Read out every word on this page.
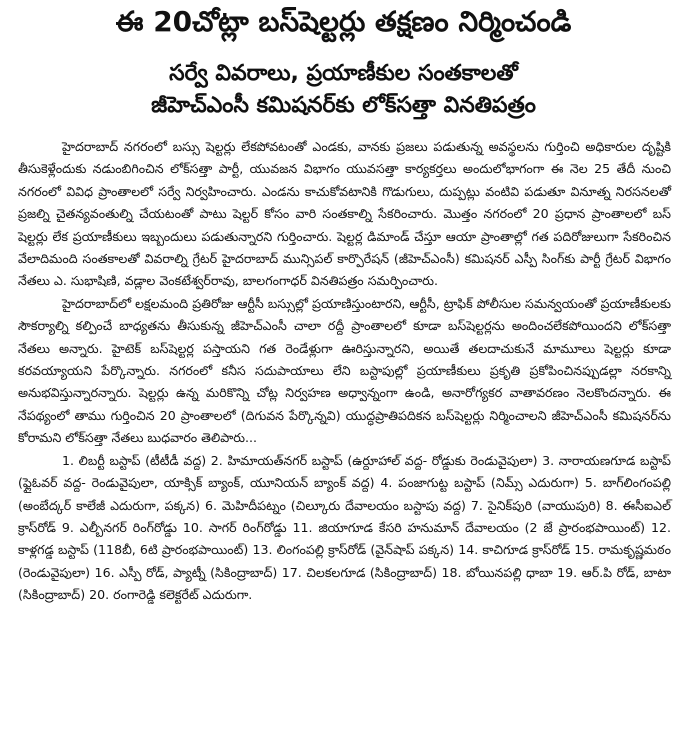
ఈ 20చోట్లా బస్‌షెల్టర్లు తక్షణం నిర్మించండి
సర్వే వివరాలు, ప్రయాణీకుల సంతకాలతో
జీహెచ్‌ఎంసీ కమిషనర్‌కు లోక్‌సత్తా వినతిపత్రం

హైదరాబాద్ నగరంలో బస్సు షెల్టర్లు లేకపోవటంతో ఎండకు, వానకు ప్రజలు పడుతున్న అవస్థలను గుర్తించి అధికారుల దృష్టికి తీసుకెళ్లేందుకు నడుంబిగించిన లోక్‌సత్తా పార్టీ, యువజన విభాగం యువసత్తా కార్యకర్తలు అందులోభాగంగా ఈ నెల 25 తేదీ నుంచి నగరంలో వివిధ ప్రాంతాలలో సర్వే నిర్వహించారు. ఎండను కాచుకోవటానికి గొడుగులు, దుప్పట్లు వంటివి పడుతూ వినూత్న నిరసనలతో ప్రజల్ని చైతన్యవంతుల్ని చేయటంతో పాటు షెల్టర్ కోసం వారి సంతకాల్ని సేకరించారు. మొత్తం నగరంలో 20 ప్రధాన ప్రాంతాలలో బస్ షెల్టర్లు లేక ప్రయాణీకులు ఇబ్బందులు పడుతున్నారని గుర్తించారు. షెల్టర్ల డిమాండ్ చేస్తూ ఆయా ప్రాంతాల్లో గత పదిరోజులుగా సేకరించిన వేలాదిమంది సంతకాలతో వివరాల్ని గ్రేటర్ హైదరాబాద్ మున్సిపల్ కార్పొరేషన్ (జీహెచ్‌ఎంసీ) కమిషనర్ ఎస్పీ సింగ్‌కు పార్టీ గ్రేటర్ విభాగం నేతలు ఎ. సుభాషిణి, వడ్లాల వెంకటేశ్వర్‌రావు, బాలగంగాధర్ వినతిపత్రం సమర్పించారు.

హైదరాబాద్‌లో లక్షలమంది ప్రతిరోజు ఆర్టీసీ బస్సుల్లో ప్రయాణిస్తుంటారని, ఆర్టీసీ, ట్రాఫిక్ పోలీసుల సమన్వయంతో ప్రయాణీకులకు సౌకర్యాల్ని కల్పించే బాధ్యతను తీసుకున్న జీహెచ్‌ఎంసీ చాలా రద్దీ ప్రాంతాలలో కూడా బస్‌షెల్టర్లను అందించలేకపోయిందని లోక్‌సత్తా నేతలు అన్నారు. హైటెక్ బస్‌షెల్టర్ల పస్తాయని గత రెండేళ్లుగా ఊరిస్తున్నారని, అయితే తలదాచుకునే మామూలు షెల్టర్లు కూడా కరవయ్యాయని పేర్కొన్నారు. నగరంలో కనీస సదుపాయాలు లేని బస్టాపుల్లో ప్రయాణీకులు ప్రకృతి ప్రకోపించినప్పుడల్లా నరకాన్ని అనుభవిస్తున్నారన్నారు. షెల్టర్లు ఉన్న మరికొన్ని చోట్ల నిర్వహణ అధ్వాన్నంగా ఉండి, అనారోగ్యకర వాతావరణం నెలకొందన్నారు. ఈ నేపథ్యంలో తాము గుర్తించిన 20 ప్రాంతాలలో (దిగువన పేర్కొన్నవి) యుద్ధప్రాతిపదికన బస్‌షెల్టర్లు నిర్మించాలని జీహెచ్‌ఎంసీ కమిషనర్‌ను కోరామని లోక్‌సత్తా నేతలు బుధవారం తెలిపారు...

1. లిబర్టీ బస్టాప్ (టీటీడీ వద్ద) 2. హిమాయత్‌నగర్ బస్టాప్ (ఉర్దూహాల్ వద్ద- రోడ్డుకు రెండువైపులా) 3. నారాయణగూడ బస్టాప్ (ఫ్లైఓవర్ వద్ద- రెండువైపులా, యాక్సిక్ బ్యాంక్, యూనియన్ బ్యాంక్ వద్ద) 4. పంజాగుట్ట బస్టాప్ (నిమ్స్ ఎదురుగా) 5. బాగ్‌లింగంపల్లి (అంబేద్కర్ కాలేజీ ఎదురుగా, పక్కన) 6. మెహిదీపట్నం (చిల్కూరు దేవాలయం బస్టాపు వద్ద) 7. సైనిక్‌పురి (వాయుపురి) 8. ఈసీఐఎల్ క్రాస్‌రోడ్ 9. ఎల్బీనగర్ రింగ్‌రోడ్డు 10. సాగర్ రింగ్‌రోడ్డు 11. జియాగూడ కేసరి హనుమాన్ దేవాలయం (2 జే ప్రారంభపాయింట్) 12. కాళ్లగడ్డ బస్టాప్ (118బీ, 6టి ప్రారంభపాయింట్) 13. లింగంపల్లి క్రాస్‌రోడ్ (వైన్‌షాప్ పక్కన) 14. కాచిగూడ క్రాస్‌రోడ్ 15. రామకృష్ణమఠం (రెండువైపులా) 16. ఎస్పీ రోడ్, ప్యాట్నీ (సికింద్రాబాద్) 17. చిలకలగూడ (సికింద్రాబాద్) 18. బోయినపల్లి ధాబా 19. ఆర్.పి రోడ్, బాటా (సికింద్రాబాద్) 20. రంగారెడ్డి కలెక్టరేట్ ఎదురుగా.
